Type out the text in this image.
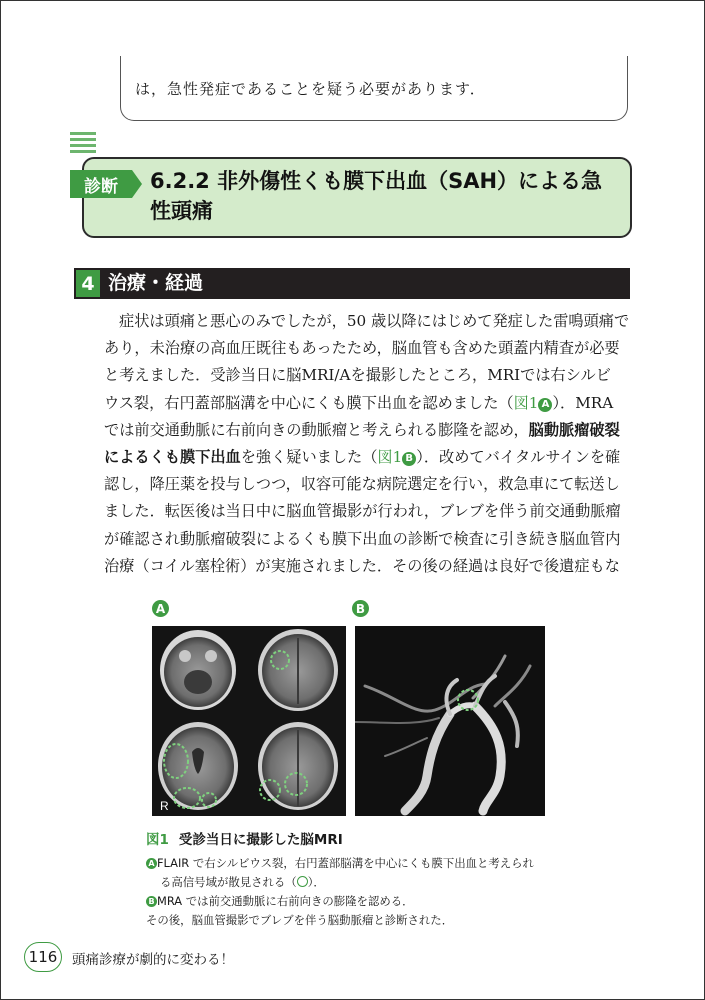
は，急性発症であることを疑う必要があります．

診断	6.2.2 非外傷性くも膜下出血（SAH）による急性頭痛
4 治療・経過
症状は頭痛と悪心のみでしたが，50 歳以降にはじめて発症した雷鳴頭痛で
あり，未治療の高血圧既往もあったため，脳血管も含めた頭蓋内精査が必要
と考えました．受診当日に脳MRI/Aを撮影したところ，MRIでは右シルビ
ウス裂，右円蓋部脳溝を中心にくも膜下出血を認めました（図1 A ）．MRA
では前交通動脈に右前向きの動脈瘤と考えられる膨隆を認め，脳動脈瘤破裂
によるくも膜下出血を強く疑いました（図1 B ）．改めてバイタルサインを確
認し，降圧薬を投与しつつ，収容可能な病院選定を行い，救急車にて転送し
ました．転医後は当日中に脳血管撮影が行われ，ブレブを伴う前交通動脈瘤
が確認され動脈瘤破裂によるくも膜下出血の診断で検査に引き続き脳血管内
治療（コイル塞栓術）が実施されました．その後の経過は良好で後遺症もな
A	B
R
図1 受診当日に撮影した脳MRI
A FLAIR で右シルビウス裂，右円蓋部脳溝を中心にくも膜下出血と考えられ
る高信号域が散見される（ ）．
B MRA では前交通動脈に右前向きの膨隆を認める．
その後，脳血管撮影でブレブを伴う脳動脈瘤と診断された．
116	頭痛診療が劇的に変わる！
